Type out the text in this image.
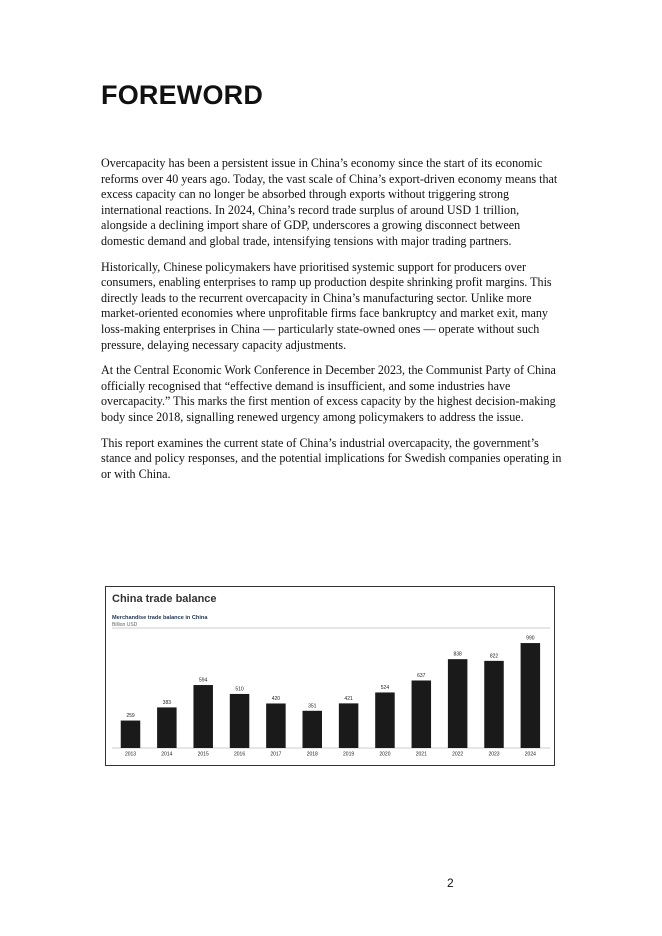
FOREWORD

Overcapacity has been a persistent issue in China’s economy since the start of its economic reforms over 40 years ago. Today, the vast scale of China’s export-driven economy means that excess capacity can no longer be absorbed through exports without triggering strong international reactions. In 2024, China’s record trade surplus of around USD 1 trillion, alongside a declining import share of GDP, underscores a growing disconnect between domestic demand and global trade, intensifying tensions with major trading partners.

Historically, Chinese policymakers have prioritised systemic support for producers over consumers, enabling enterprises to ramp up production despite shrinking profit margins. This directly leads to the recurrent overcapacity in China’s manufacturing sector. Unlike more market-oriented economies where unprofitable firms face bankruptcy and market exit, many loss-making enterprises in China — particularly state-owned ones — operate without such pressure, delaying necessary capacity adjustments.

At the Central Economic Work Conference in December 2023, the Communist Party of China officially recognised that “effective demand is insufficient, and some industries have overcapacity.” This marks the first mention of excess capacity by the highest decision-making body since 2018, signalling renewed urgency among policymakers to address the issue.

This report examines the current state of China’s industrial overcapacity, the government’s stance and policy responses, and the potential implications for Swedish companies operating in or with China.

China trade balance
Merchandise trade balance in China
Billion USD
259
2013
383
2014
594
2015
510
2016
420
2017
351
2018
421
2019
524
2020
637
2021
838
2022
822
2023
990
2024
2
